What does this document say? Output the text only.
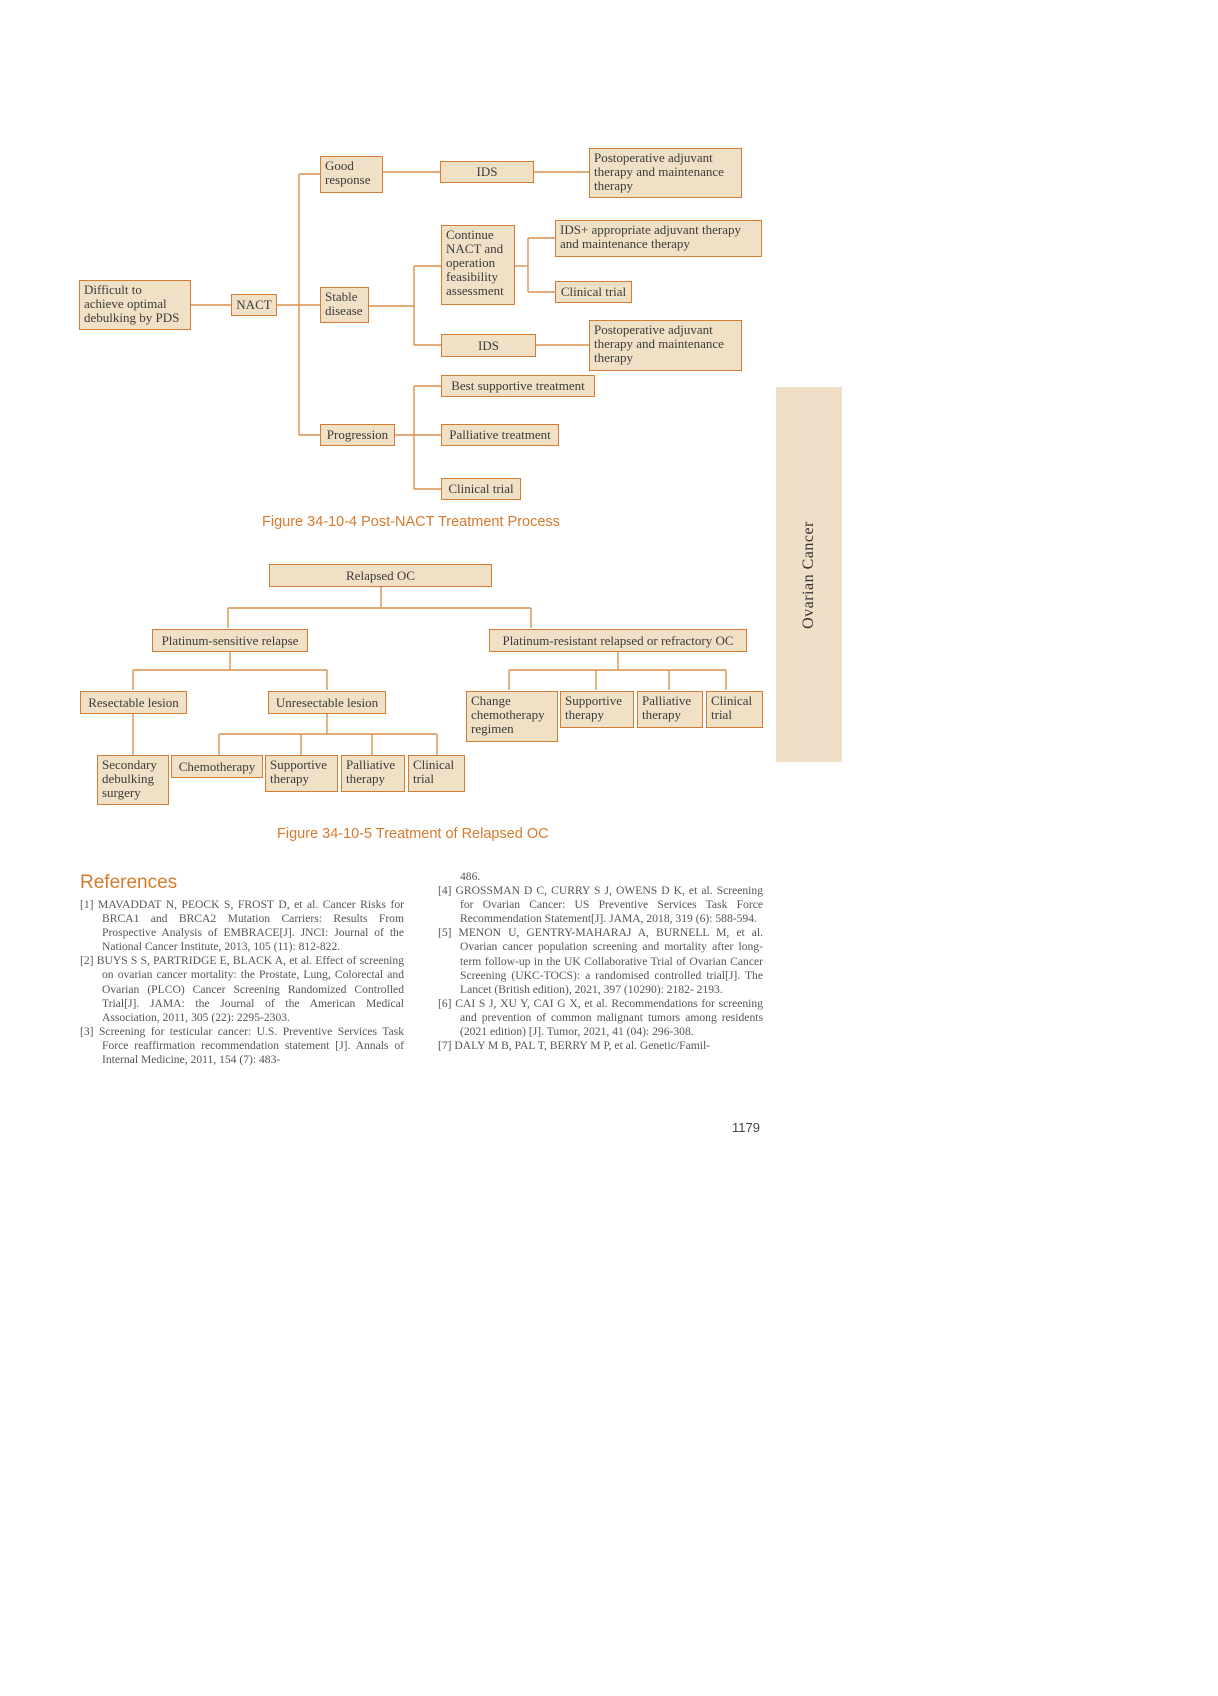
Difficult to
achieve optimal
debulking by PDS
NACT
Good
response
Stable
disease
Progression
IDS
Postoperative adjuvant
therapy and maintenance
therapy
Continue
NACT and
operation
feasibility
assessment
IDS+ appropriate adjuvant therapy
and maintenance therapy
Clinical trial
IDS
Postoperative adjuvant
therapy and maintenance
therapy
Best supportive treatment
Palliative treatment
Clinical trial
Figure 34-10-4 Post-NACT Treatment Process
Relapsed OC
Platinum-sensitive relapse	Platinum-resistant relapsed or refractory OC
Resectable lesion	Unresectable lesion
Secondary
debulking
surgery
Chemotherapy	Supportive
therapy
Palliative
therapy
Clinical
trial
Change
chemotherapy
regimen
Supportive
therapy
Palliative
therapy
Clinical
trial
Figure 34-10-5 Treatment of Relapsed OC
Ovarian Cancer
References
[1] MAVADDAT N, PEOCK S, FROST D, et al. Cancer Risks for BRCA1 and BRCA2 Mutation Carriers: Results From Prospective Analysis of EMBRACE[J]. JNCI: Journal of the National Cancer Institute, 2013, 105 (11): 812-822.
[2] BUYS S S, PARTRIDGE E, BLACK A, et al. Effect of screening on ovarian cancer mortality: the Prostate, Lung, Colorectal and Ovarian (PLCO) Cancer Screening Randomized Controlled Trial[J]. JAMA: the Journal of the American Medical Association, 2011, 305 (22): 2295-2303.
[3] Screening for testicular cancer: U.S. Preventive Services Task Force reaffirmation recommendation statement [J]. Annals of Internal Medicine, 2011, 154 (7): 483-
486.
[4] GROSSMAN D C, CURRY S J, OWENS D K, et al. Screening for Ovarian Cancer: US Preventive Services Task Force Recommendation Statement[J]. JAMA, 2018, 319 (6): 588-594.
[5] MENON U, GENTRY-MAHARAJ A, BURNELL M, et al. Ovarian cancer population screening and mortality after long-term follow-up in the UK Collaborative Trial of Ovarian Cancer Screening (UKC-TOCS): a randomised controlled trial[J]. The Lancet (British edition), 2021, 397 (10290): 2182- 2193.
[6] CAI S J, XU Y, CAI G X, et al. Recommendations for screening and prevention of common malignant tumors among residents (2021 edition) [J]. Tumor, 2021, 41 (04): 296-308.
[7] DALY M B, PAL T, BERRY M P, et al. Genetic/Famil-
1179
